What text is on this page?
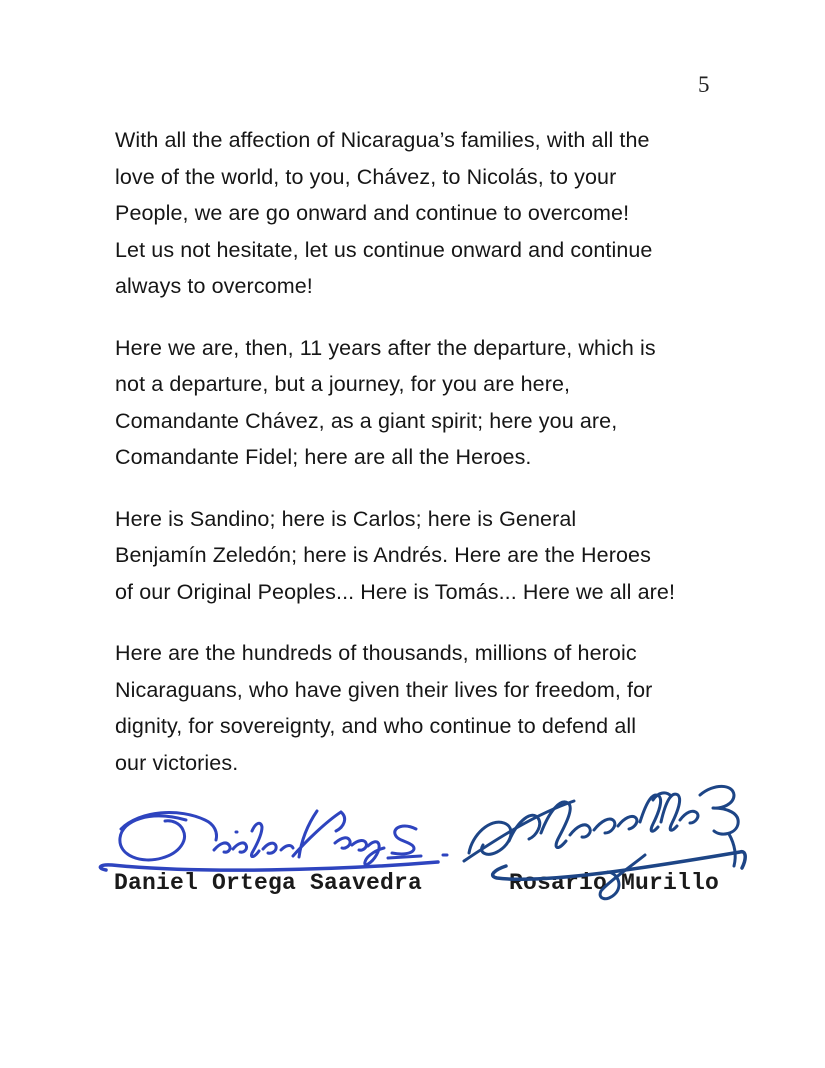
5
With all the affection of Nicaragua’s families, with all the
love of the world, to you, Chávez, to Nicolás, to your
People, we are go onward and continue to overcome!
Let us not hesitate, let us continue onward and continue
always to overcome!
Here we are, then, 11 years after the departure, which is
not a departure, but a journey, for you are here,
Comandante Chávez, as a giant spirit; here you are,
Comandante Fidel; here are all the Heroes.
Here is Sandino; here is Carlos; here is General
Benjamín Zeledón; here is Andrés. Here are the Heroes
of our Original Peoples... Here is Tomás... Here we all are!
Here are the hundreds of thousands, millions of heroic
Nicaraguans, who have given their lives for freedom, for
dignity, for sovereignty, and who continue to defend all
our victories.
Daniel Ortega Saavedra	Rosario Murillo
